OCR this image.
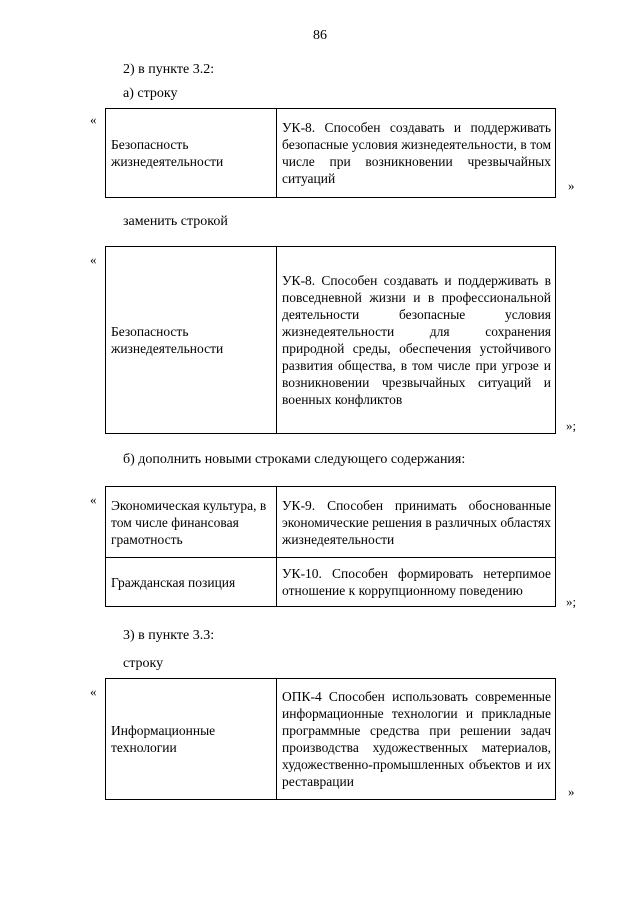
86
2) в пункте 3.2:
а) строку
«
Безопасность жизнедеятельности	УК-8. Способен создавать и поддерживать безопасные условия жизнедеятельности, в том числе при возникновении чрезвычайных ситуаций	»
заменить строкой
«
Безопасность жизнедеятельности	УК-8. Способен создавать и поддерживать в повседневной жизни и в профессиональной деятельности безопасные условия жизнедеятельности для сохранения природной среды, обеспечения устойчивого развития общества, в том числе при угрозе и возникновении чрезвычайных ситуаций и военных конфликтов
»;
б) дополнить новыми строками следующего содержания:
« Экономическая культура, в том числе финансовая грамотность	УК-9. Способен принимать обоснованные экономические решения в различных областях жизнедеятельности
Гражданская позиция	УК-10. Способен формировать нетерпимое отношение к коррупционному поведению
»;
3) в пункте 3.3:
строку
«
Информационные технологии	ОПК-4 Способен использовать современные информационные технологии и прикладные программные средства при решении задач производства художественных материалов, художественно-промышленных объектов и их реставрации
»
